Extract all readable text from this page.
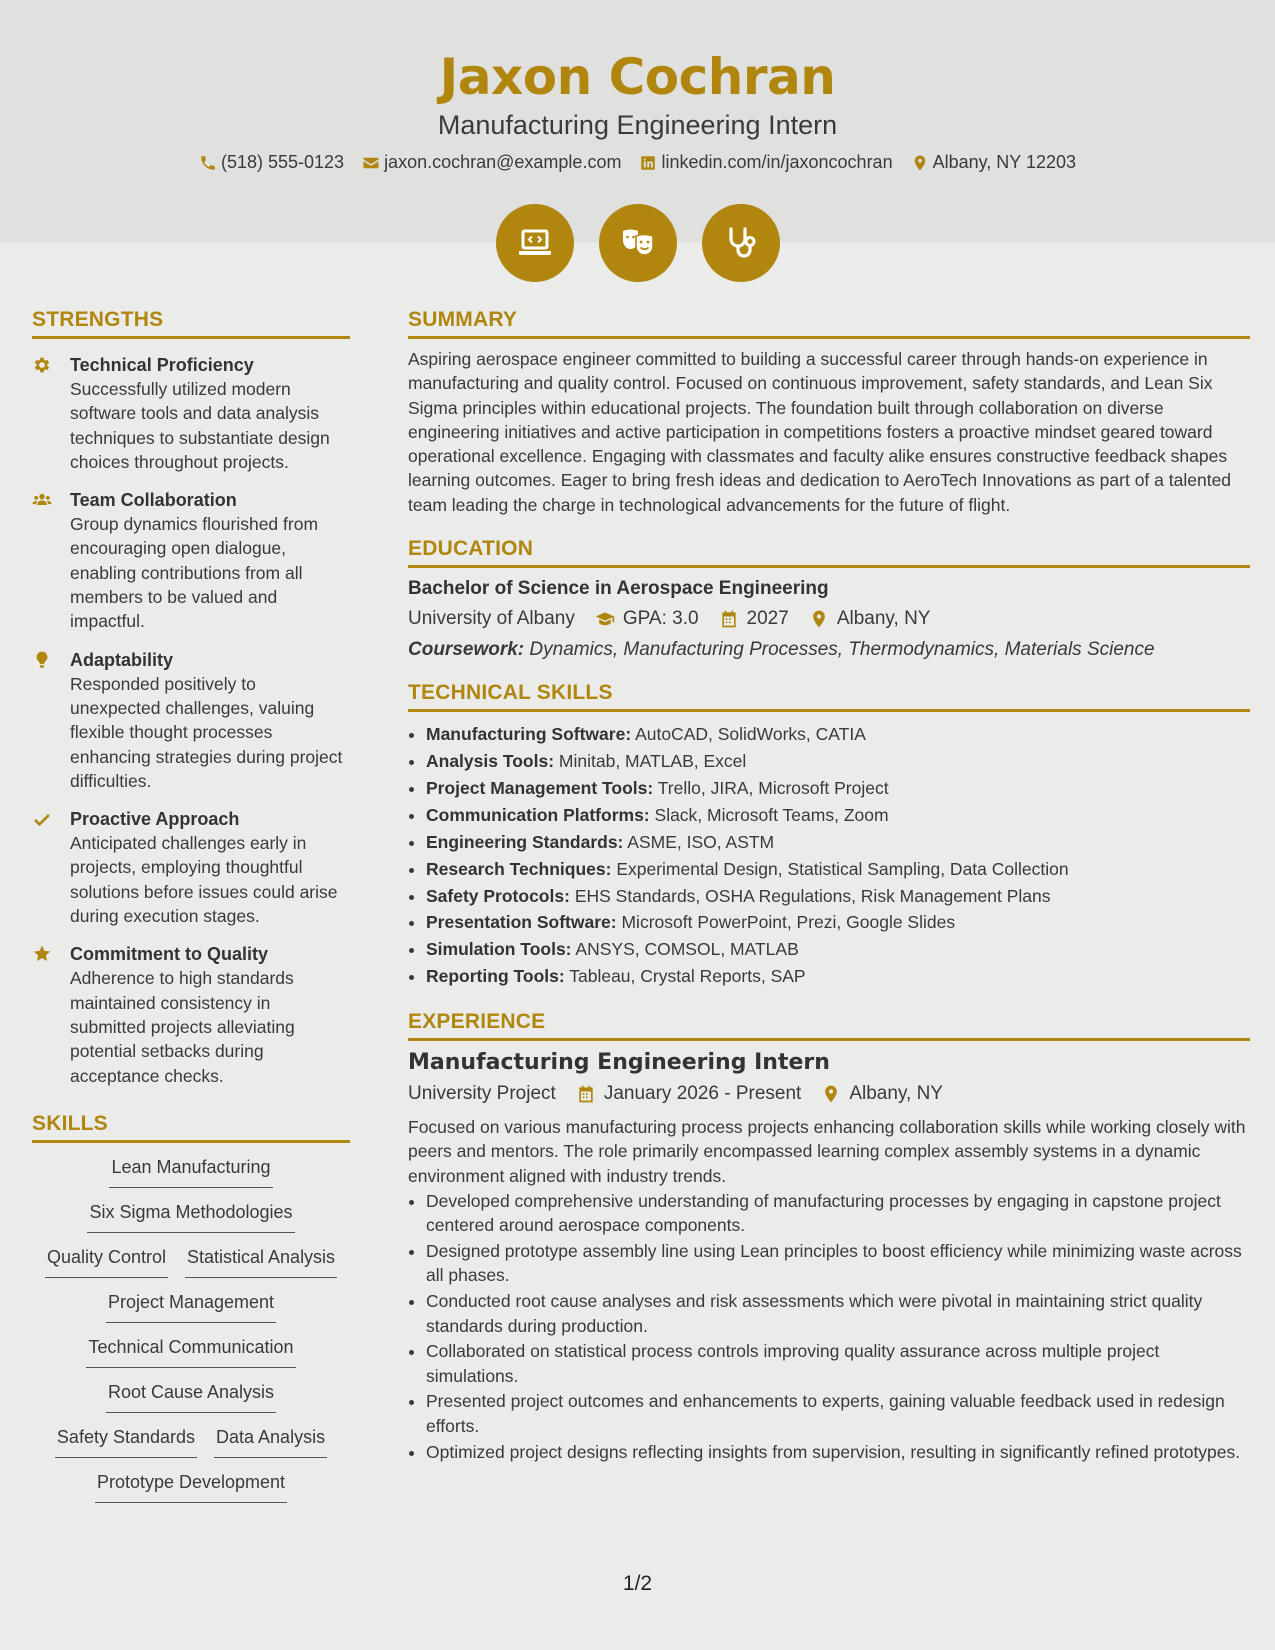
Jaxon Cochran
Manufacturing Engineering Intern
(518) 555-0123 jaxon.cochran@example.com linkedin.com/in/jaxoncochran Albany, NY 12203
STRENGTHS
Technical Proficiency

Successfully utilized modern software tools and data analysis techniques to substantiate design choices throughout projects.

Team Collaboration

Group dynamics flourished from encouraging open dialogue, enabling contributions from all members to be valued and impactful.

Adaptability

Responded positively to unexpected challenges, valuing flexible thought processes enhancing strategies during project difficulties.

Proactive Approach

Anticipated challenges early in projects, employing thoughtful solutions before issues could arise during execution stages.

Commitment to Quality

Adherence to high standards maintained consistency in submitted projects alleviating potential setbacks during acceptance checks.

SKILLS
Lean Manufacturing
Six Sigma Methodologies
Quality Control Statistical Analysis
Project Management
Technical Communication
Root Cause Analysis
Safety Standards Data Analysis
Prototype Development
SUMMARY

Aspiring aerospace engineer committed to building a successful career through hands-on experience in manufacturing and quality control. Focused on continuous improvement, safety standards, and Lean Six Sigma principles within educational projects. The foundation built through collaboration on diverse engineering initiatives and active participation in competitions fosters a proactive mindset geared toward operational excellence. Engaging with classmates and faculty alike ensures constructive feedback shapes learning outcomes. Eager to bring fresh ideas and dedication to AeroTech Innovations as part of a talented team leading the charge in technological advancements for the future of flight.

EDUCATION
Bachelor of Science in Aerospace Engineering
University of Albany	GPA: 3.0	2027	Albany, NY
Coursework: Dynamics, Manufacturing Processes, Thermodynamics, Materials Science
TECHNICAL SKILLS
• Manufacturing Software: AutoCAD, SolidWorks, CATIA
• Analysis Tools: Minitab, MATLAB, Excel
• Project Management Tools: Trello, JIRA, Microsoft Project
• Communication Platforms: Slack, Microsoft Teams, Zoom
• Engineering Standards: ASME, ISO, ASTM
• Research Techniques: Experimental Design, Statistical Sampling, Data Collection
• Safety Protocols: EHS Standards, OSHA Regulations, Risk Management Plans
• Presentation Software: Microsoft PowerPoint, Prezi, Google Slides
• Simulation Tools: ANSYS, COMSOL, MATLAB
• Reporting Tools: Tableau, Crystal Reports, SAP
EXPERIENCE
Manufacturing Engineering Intern
University Project	January 2026 - Present	Albany, NY

Focused on various manufacturing process projects enhancing collaboration skills while working closely with peers and mentors. The role primarily encompassed learning complex assembly systems in a dynamic environment aligned with industry trends.

• Developed comprehensive understanding of manufacturing processes by engaging in capstone project centered around aerospace components.
• Designed prototype assembly line using Lean principles to boost efficiency while minimizing waste across all phases.
• Conducted root cause analyses and risk assessments which were pivotal in maintaining strict quality standards during production.
• Collaborated on statistical process controls improving quality assurance across multiple project simulations.
• Presented project outcomes and enhancements to experts, gaining valuable feedback used in redesign efforts.
• Optimized project designs reflecting insights from supervision, resulting in significantly refined prototypes.
1/2
